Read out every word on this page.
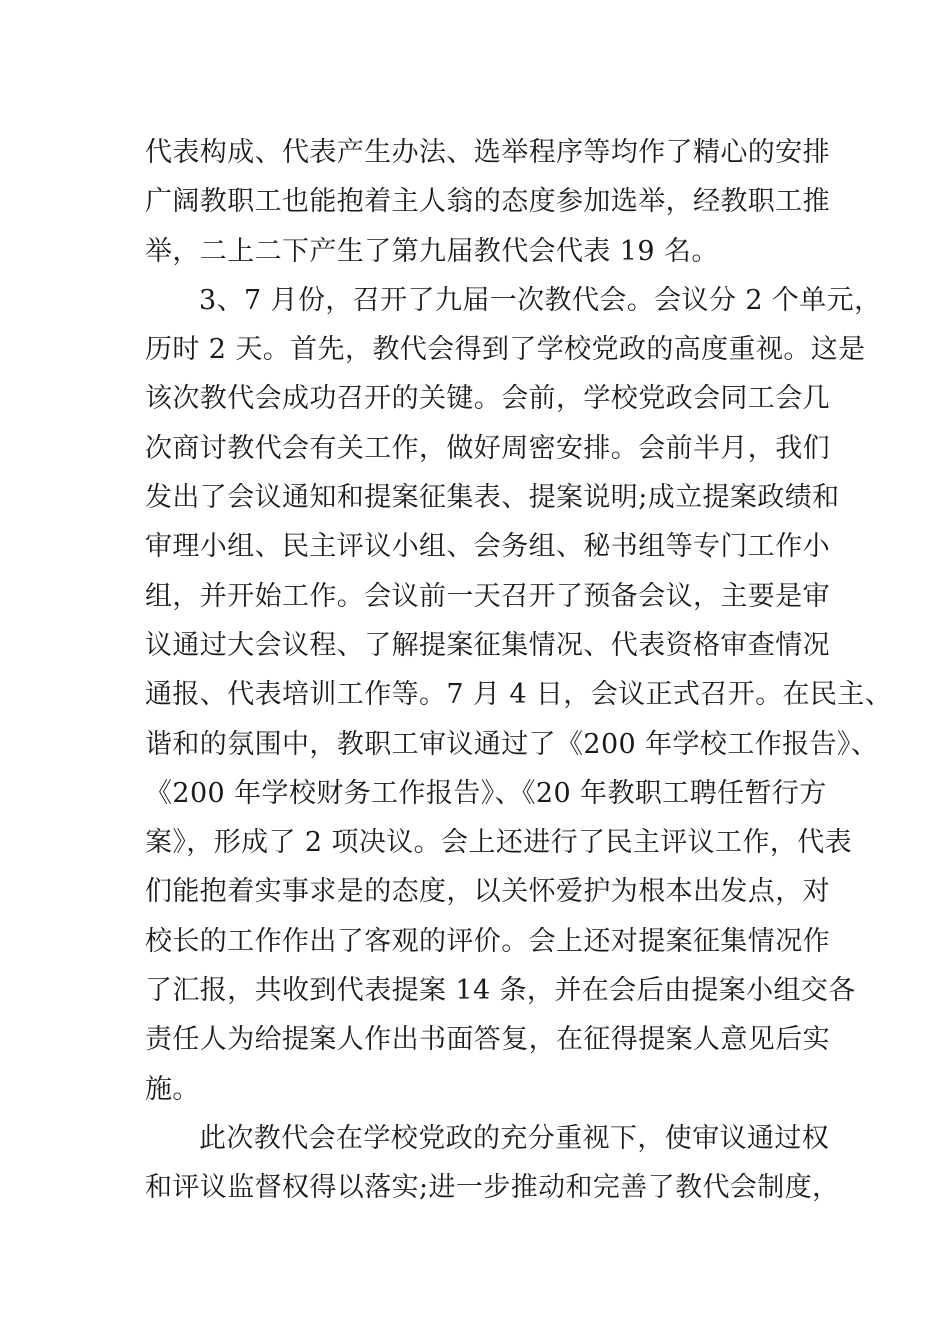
代表构成、代表产生办法、选举程序等均作了精心的安排
广阔教职工也能抱着主人翁的态度参加选举，经教职工推
举，二上二下产生了第九届教代会代表 19 名。
3、7 月份，召开了九届一次教代会。会议分 2 个单元，
历时 2 天。首先，教代会得到了学校党政的高度重视。这是
该次教代会成功召开的关键。会前，学校党政会同工会几
次商讨教代会有关工作，做好周密安排。会前半月，我们
发出了会议通知和提案征集表、提案说明;成立提案政绩和
审理小组、民主评议小组、会务组、秘书组等专门工作小
组，并开始工作。会议前一天召开了预备会议，主要是审
议通过大会议程、了解提案征集情况、代表资格审查情况
通报、代表培训工作等。7 月 4 日，会议正式召开。在民主、
谐和的氛围中，教职工审议通过了《200 年学校工作报告》、
《200 年学校财务工作报告》、《20 年教职工聘任暂行方
案》，形成了 2 项决议。会上还进行了民主评议工作，代表
们能抱着实事求是的态度，以关怀爱护为根本出发点，对
校长的工作作出了客观的评价。会上还对提案征集情况作
了汇报，共收到代表提案 14 条，并在会后由提案小组交各
责任人为给提案人作出书面答复，在征得提案人意见后实
施。
此次教代会在学校党政的充分重视下，使审议通过权
和评议监督权得以落实;进一步推动和完善了教代会制度，
